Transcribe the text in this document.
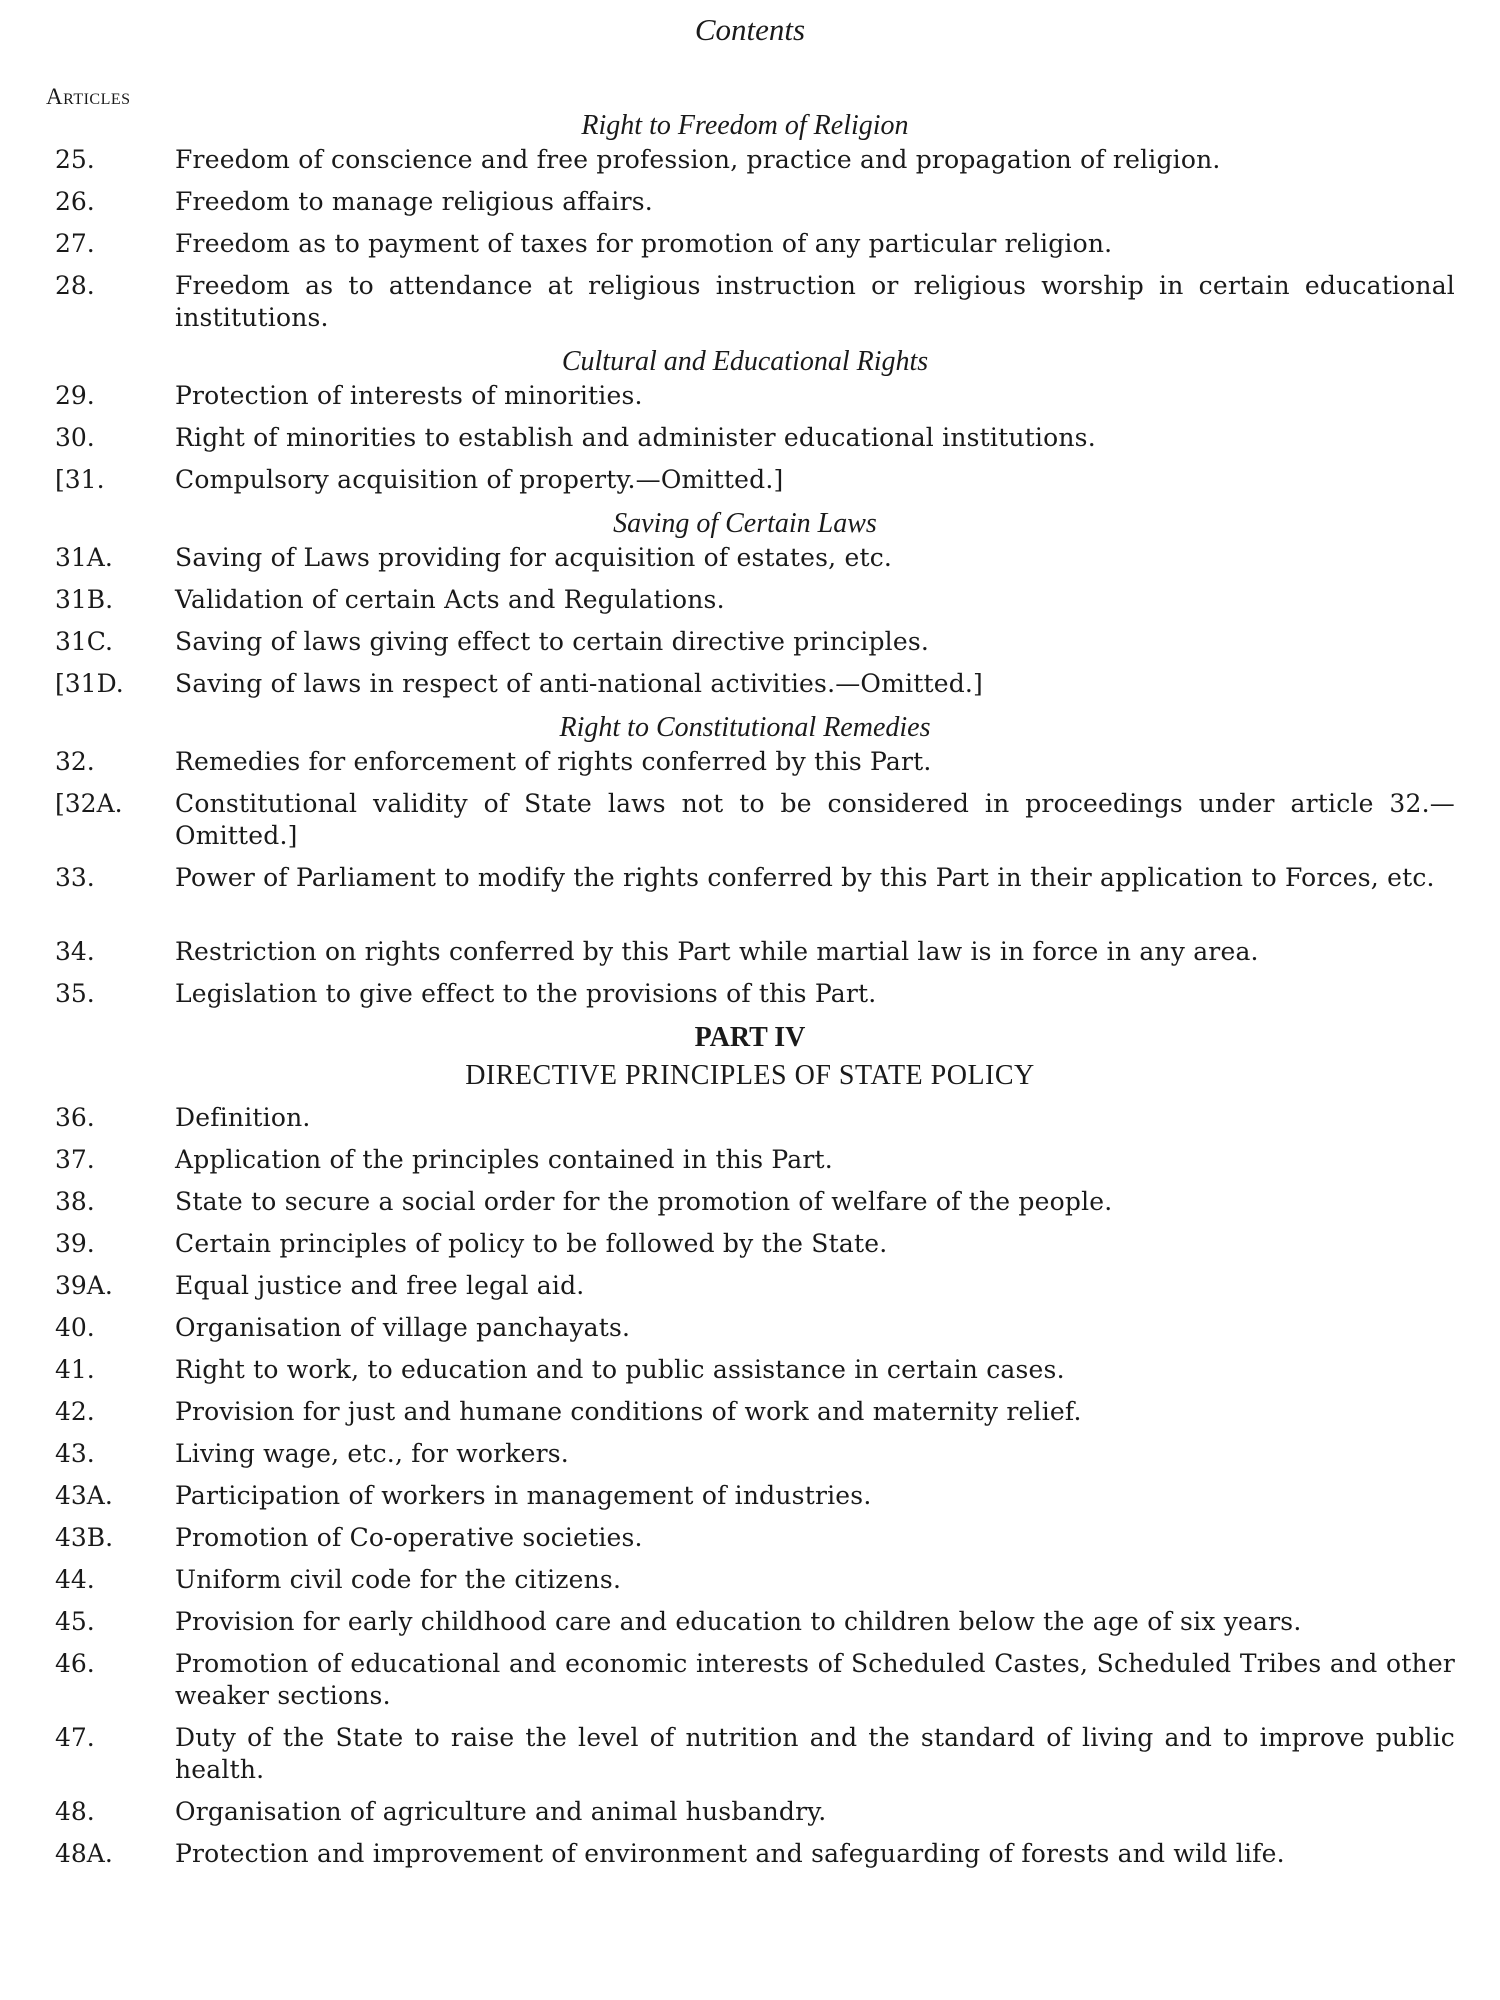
Contents
Articles
Right to Freedom of Religion
25.	Freedom of conscience and free profession, practice and propagation of religion.
26.	Freedom to manage religious affairs.
27.	Freedom as to payment of taxes for promotion of any particular religion.
28.	Freedom as to attendance at religious instruction or religious worship in certain educational institutions.
Cultural and Educational Rights
29.	Protection of interests of minorities.
30.	Right of minorities to establish and administer educational institutions.
[31.	Compulsory acquisition of property.—Omitted.]
Saving of Certain Laws
31A.	Saving of Laws providing for acquisition of estates, etc.
31B.	Validation of certain Acts and Regulations.
31C.	Saving of laws giving effect to certain directive principles.
[31D.	Saving of laws in respect of anti-national activities.—Omitted.]
Right to Constitutional Remedies
32.	Remedies for enforcement of rights conferred by this Part.
[32A.	Constitutional validity of State laws not to be considered in proceedings under article 32.—Omitted.]
33.	Power of Parliament to modify the rights conferred by this Part in their application to Forces, etc.
34.	Restriction on rights conferred by this Part while martial law is in force in any area.
35.	Legislation to give effect to the provisions of this Part.
PART IV
DIRECTIVE PRINCIPLES OF STATE POLICY
36.	Definition.
37.	Application of the principles contained in this Part.
38.	State to secure a social order for the promotion of welfare of the people.
39.	Certain principles of policy to be followed by the State.
39A.	Equal justice and free legal aid.
40.	Organisation of village panchayats.
41.	Right to work, to education and to public assistance in certain cases.
42.	Provision for just and humane conditions of work and maternity relief.
43.	Living wage, etc., for workers.
43A.	Participation of workers in management of industries.
43B.	Promotion of Co-operative societies.
44.	Uniform civil code for the citizens.
45.	Provision for early childhood care and education to children below the age of six years.
46.	Promotion of educational and economic interests of Scheduled Castes, Scheduled Tribes and other weaker sections.
47.	Duty of the State to raise the level of nutrition and the standard of living and to improve public health.
48.	Organisation of agriculture and animal husbandry.
48A.	Protection and improvement of environment and safeguarding of forests and wild life.
